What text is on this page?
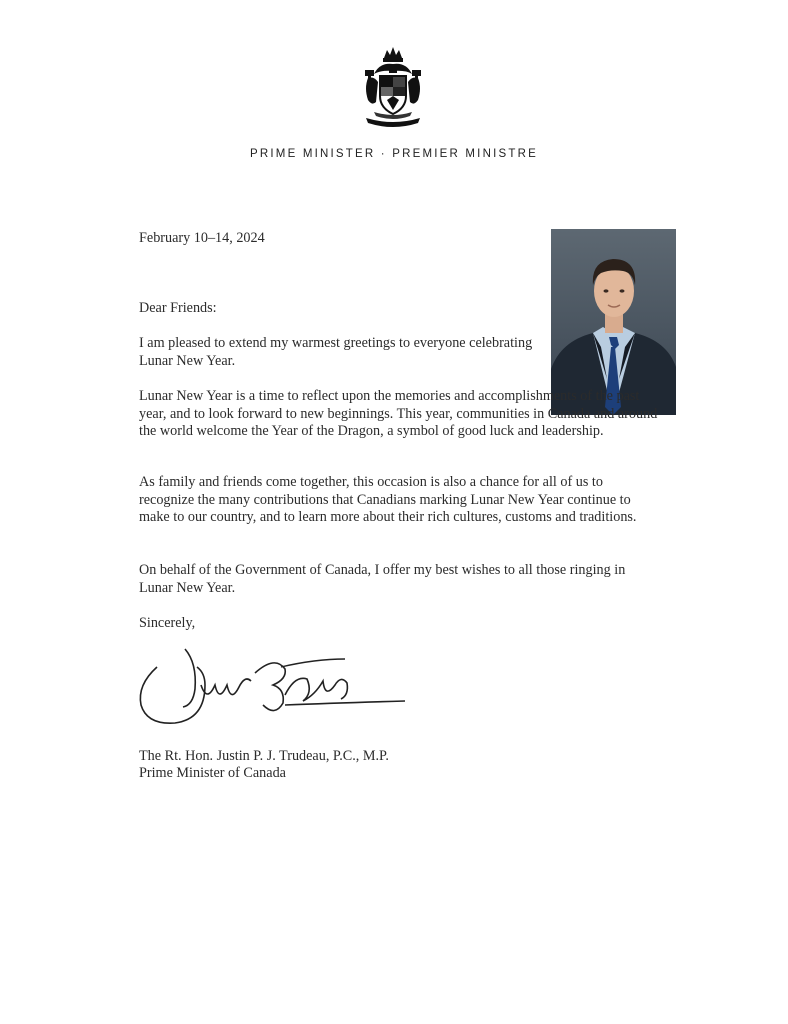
PRIME MINISTER · PREMIER MINISTRE

February 10–14, 2024

Dear Friends:

I am pleased to extend my warmest greetings to everyone celebrating Lunar New Year.

Lunar New Year is a time to reflect upon the memories and accomplishments of the past year, and to look forward to new beginnings. This year, communities in Canada and around the world welcome the Year of the Dragon, a symbol of good luck and leadership.

As family and friends come together, this occasion is also a chance for all of us to recognize the many contributions that Canadians marking Lunar New Year continue to make to our country, and to learn more about their rich cultures, customs and traditions.

On behalf of the Government of Canada, I offer my best wishes to all those ringing in Lunar New Year.

Sincerely,

The Rt. Hon. Justin P. J. Trudeau, P.C., M.P.

Prime Minister of Canada
